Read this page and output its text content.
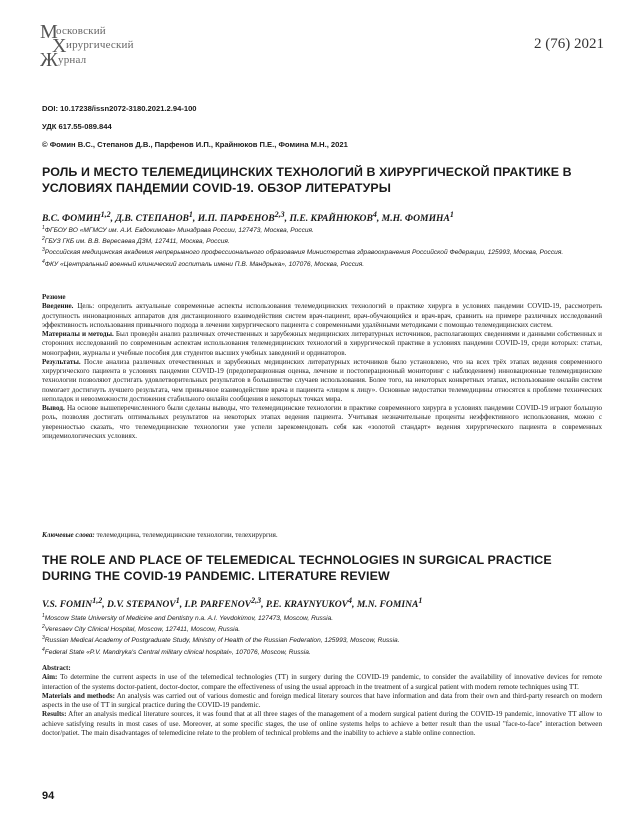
М
осковский
Х ирургический
Ж урнал
2 (76) 2021
DOI: 10.17238/issn2072-3180.2021.2.94-100
УДК 617.55-089.844
© Фомин В.С., Степанов Д.В., Парфенов И.П., Крайнюков П.Е., Фомина М.Н., 2021
РОЛЬ И МЕСТО ТЕЛЕМЕДИЦИНСКИХ ТЕХНОЛОГИЙ В ХИРУРГИЧЕСКОЙ ПРАКТИКЕ В УСЛОВИЯХ ПАНДЕМИИ COVID-19. ОБЗОР ЛИТЕРАТУРЫ
В.С. ФОМИН$^{1,2}$, Д.В. СТЕПАНОВ$^1$, И.П. ПАРФЕНОВ$^{2,3}$, П.Е. КРАЙНЮКОВ$^4$, М.Н. ФОМИНА$^1$
$^1$ФГБОУ ВО «МГМСУ им. А.И. Евдокимова» Минздрава России, 127473, Москва, Россия.
$^2$ГБУЗ ГКБ им. В.В. Вересаева ДЗМ, 127411, Москва, Россия.
$^3$Российская медицинская академия непрерывного профессионального образования Министерства здравоохранения Российской Федерации, 125993, Москва, Россия.
$^4$ФКУ «Центральный военный клинический госпиталь имени П.В. Мандрыка», 107076, Москва, Россия.

Резюме

Введение. Цель: определить актуальные современные аспекты использования телемедицинских технологий в практике хирурга в условиях пандемии COVID-19, рассмотреть доступность инновационных аппаратов для дистанционного взаимодействия систем врач-пациент, врач-обучающийся и врач-врач, сравнить на примере различных исследований эффективность использования привычного подхода в лечении хирургического пациента с современными удалёнными методиками с помощью телемедицинских систем.

Материалы и методы. Был проведён анализ различных отечественных и зарубежных медицинских литературных источников, располагающих сведениями и данными собственных и сторонних исследований по современным аспектам использования телемедицинских технологий в хирургической практике в условиях пандемии COVID-19, среди которых: статьи, монографии, журналы и учебные пособия для студентов высших учебных заведений и ординаторов.

Результаты. После анализа различных отечественных и зарубежных медицинских литературных источников было установлено, что на всех трёх этапах ведения современного хирургического пациента в условиях пандемии COVID-19 (предоперационная оценка, лечение и постоперационный мониторинг с наблюдением) инновационные телемедицинские технологии позволяют достигать удовлетворительных результатов в большинстве случаев использования. Более того, на некоторых конкретных этапах, использование онлайн систем помогает достигнуть лучшего результата, чем привычное взаимодействие врача и пациента «лицом к лицу». Основные недостатки телемедицины относятся к проблеме технических неполадок и невозможности достижения стабильного онлайн сообщения в некоторых точках мира.

Вывод. На основе вышеперечисленного были сделаны выводы, что телемедицинские технологии в практике современного хирурга в условиях пандемии COVID-19 играют большую роль, позволяя достигать оптимальных результатов на некоторых этапах ведения пациента. Учитывая незначительные проценты неэффективного использования, можно с уверенностью сказать, что телемедицинские технологии уже успели зарекомендовать себя как «золотой стандарт» ведения хирургического пациента в современных эпидемиологических условиях.

Ключевые слова: телемедицина, телемедицинские технологии, телехирургия.
THE ROLE AND PLACE OF TELEMEDICAL TECHNOLOGIES IN SURGICAL PRACTICE DURING THE COVID-19 PANDEMIC. LITERATURE REVIEW
V.S. FOMIN$^{1,2}$, D.V. STEPANOV$^1$, I.P. PARFENOV$^{2,3}$, P.E. KRAYNYUKOV$^4$, M.N. FOMINA$^1$
$^1$Moscow State University of Medicine and Dentistry n.a. A.I. Yevdokimov, 127473, Moscow, Russia.
$^2$Veresaev City Clinical Hospital, Moscow, 127411, Moscow, Russia.
$^3$Russian Medical Academy of Postgraduate Study, Ministry of Health of the Russian Federation, 125993, Moscow, Russia.
$^4$Federal State «P.V. Mandryka's Central military clinical hospital», 107076, Moscow, Russia.

Abstract:

Aim: To determine the current aspects in use of the telemedical technologies (TT) in surgery during the COVID-19 pandemic, to consider the availability of innovative devices for remote interaction of the systems doctor-patient, doctor-doctor, compare the effectiveness of using the usual approach in the treatment of a surgical patient with modern remote techniques using TT.

Materials and methods: An analysis was carried out of various domestic and foreign medical literary sources that have information and data from their own and third-party research on modern aspects in the use of TT in surgical practice during the COVID-19 pandemic.

Results: After an analysis medical literature sources, it was found that at all three stages of the management of a modern surgical patient during the COVID-19 pandemic, innovative TT allow to achieve satisfying results in most cases of use. Moreover, at some specific stages, the use of online systems helps to achieve a better result than the usual "face-to-face" interaction between doctor/patiet. The main disadvantages of telemedicine relate to the problem of technical problems and the inability to achieve a stable online connection.

94
